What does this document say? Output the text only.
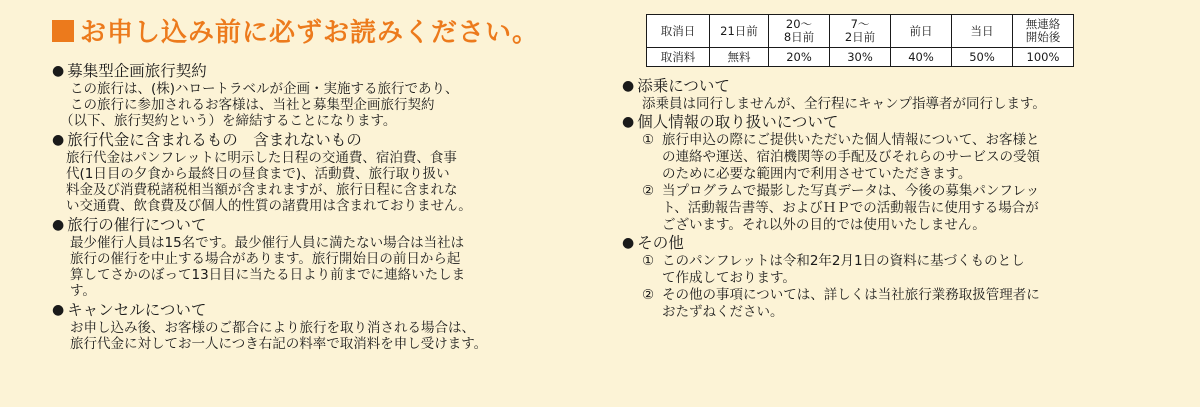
お申し込み前に必ずお読みください。
● 募集型企画旅行契約

この旅行は、(株)ハロートラベルが企画・実施する旅行であり、

この旅行に参加されるお客様は、当社と募集型企画旅行契約

（以下、旅行契約という）を締結することになります。

● 旅行代金に含まれるもの　含まれないもの

旅行代金はパンフレットに明示した日程の交通費、宿泊費、食事

代(1日目の夕食から最終日の昼食まで)、活動費、旅行取り扱い

料金及び消費税諸税相当額が含まれますが、旅行日程に含まれな

い交通費、飲食費及び個人的性質の諸費用は含まれておりません。

● 旅行の催行について

最少催行人員は15名です。最少催行人員に満たない場合は当社は

旅行の催行を中止する場合があります。旅行開始日の前日から起

算してさかのぼって13日目に当たる日より前までに連絡いたしま

す。

● キャンセルについて

お申し込み後、お客様のご都合により旅行を取り消される場合は、

旅行代金に対してお一人につき右記の料率で取消料を申し受けます。

取消日	21日前	20〜
8日前	7〜
2日前	前日	当日	無連絡
開始後
取消料	無料	20%	30%	40%	50%	100%
● 添乗について

添乗員は同行しませんが、全行程にキャンプ指導者が同行します。

● 個人情報の取り扱いについて
① 旅行申込の際にご提供いただいた個人情報について、お客様と

の連絡や運送、宿泊機関等の手配及びそれらのサービスの受領

のために必要な範囲内で利用させていただきます。

② 当プログラムで撮影した写真データは、今後の募集パンフレッ

ト、活動報告書等、およびＨＰでの活動報告に使用する場合が

ございます。それ以外の目的では使用いたしません。

● その他
① このパンフレットは令和2年2月1日の資料に基づくものとし

て作成しております。

② その他の事項については、詳しくは当社旅行業務取扱管理者に

おたずねください。
